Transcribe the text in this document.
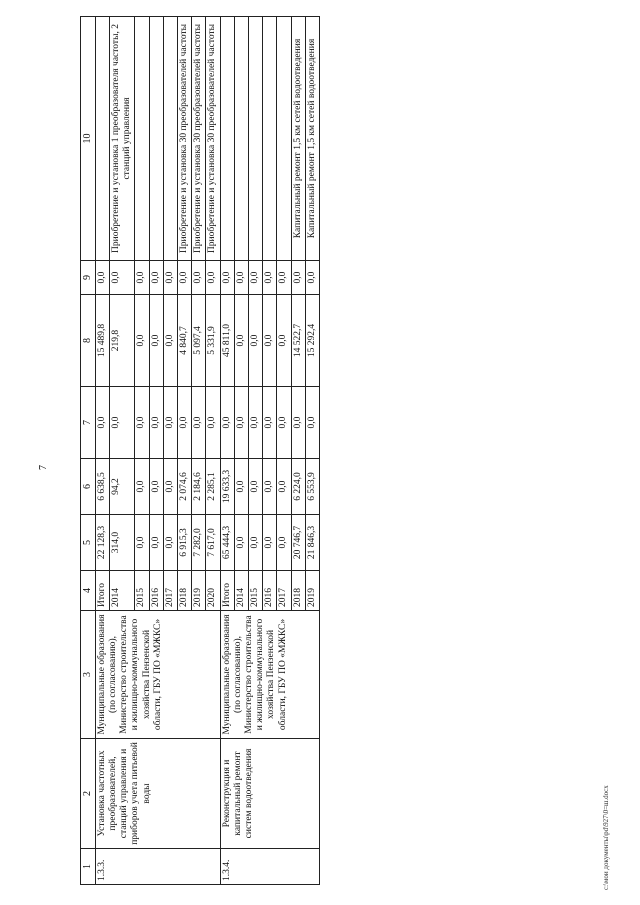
7
1	2	3	4	5	6	7	8	9	10
1.3.3.	Установка частотных преобразователей, станций управления и приборов учета питьевой воды	Муниципальные образования (по согласованию), Министерство строительства и жилищно-коммунального хозяйства Пензенской области, ГБУ ПО «МЖКС»	Итого	22 128,3	6 638,5	0,0	15 489,8	0,0	
			2014	314,0	94,2	0,0	219,8	0,0	Приобретение и установка 1 преобразователя частоты, 2 станций управления
			2015	0,0	0,0	0,0	0,0	0,0	
			2016	0,0	0,0	0,0	0,0	0,0	
			2017	0,0	0,0	0,0	0,0	0,0	
			2018	6 915,3	2 074,6	0,0	4 840,7	0,0	Приобретение и установка 30 преобразователей частоты
			2019	7 282,0	2 184,6	0,0	5 097,4	0,0	Приобретение и установка 30 преобразователей частоты
			2020	7 617,0	2 285,1	0,0	5 331,9	0,0	Приобретение и установка 30 преобразователей частоты
1.3.4.	Реконструкция и капитальный ремонт систем водоотведения	Муниципальные образования (по согласованию), Министерство строительства и жилищно-коммунального хозяйства Пензенской области, ГБУ ПО «МЖКС»	Итого	65 444,3	19 633,3	0,0	45 811,0	0,0	
			2014	0,0	0,0	0,0	0,0	0,0	
			2015	0,0	0,0	0,0	0,0	0,0	
			2016	0,0	0,0	0,0	0,0	0,0	
			2017	0,0	0,0	0,0	0,0	0,0	
			2018	20 746,7	6 224,0	0,0	14 522,7	0,0	Капитальный ремонт 1,5 км сетей водоотведения
			2019	21 846,3	6 553,9	0,0	15 292,4	0,0	Капитальный ремонт 1,5 км сетей водоотведения
c:\мои документы\pd\927\0=ш.docx
